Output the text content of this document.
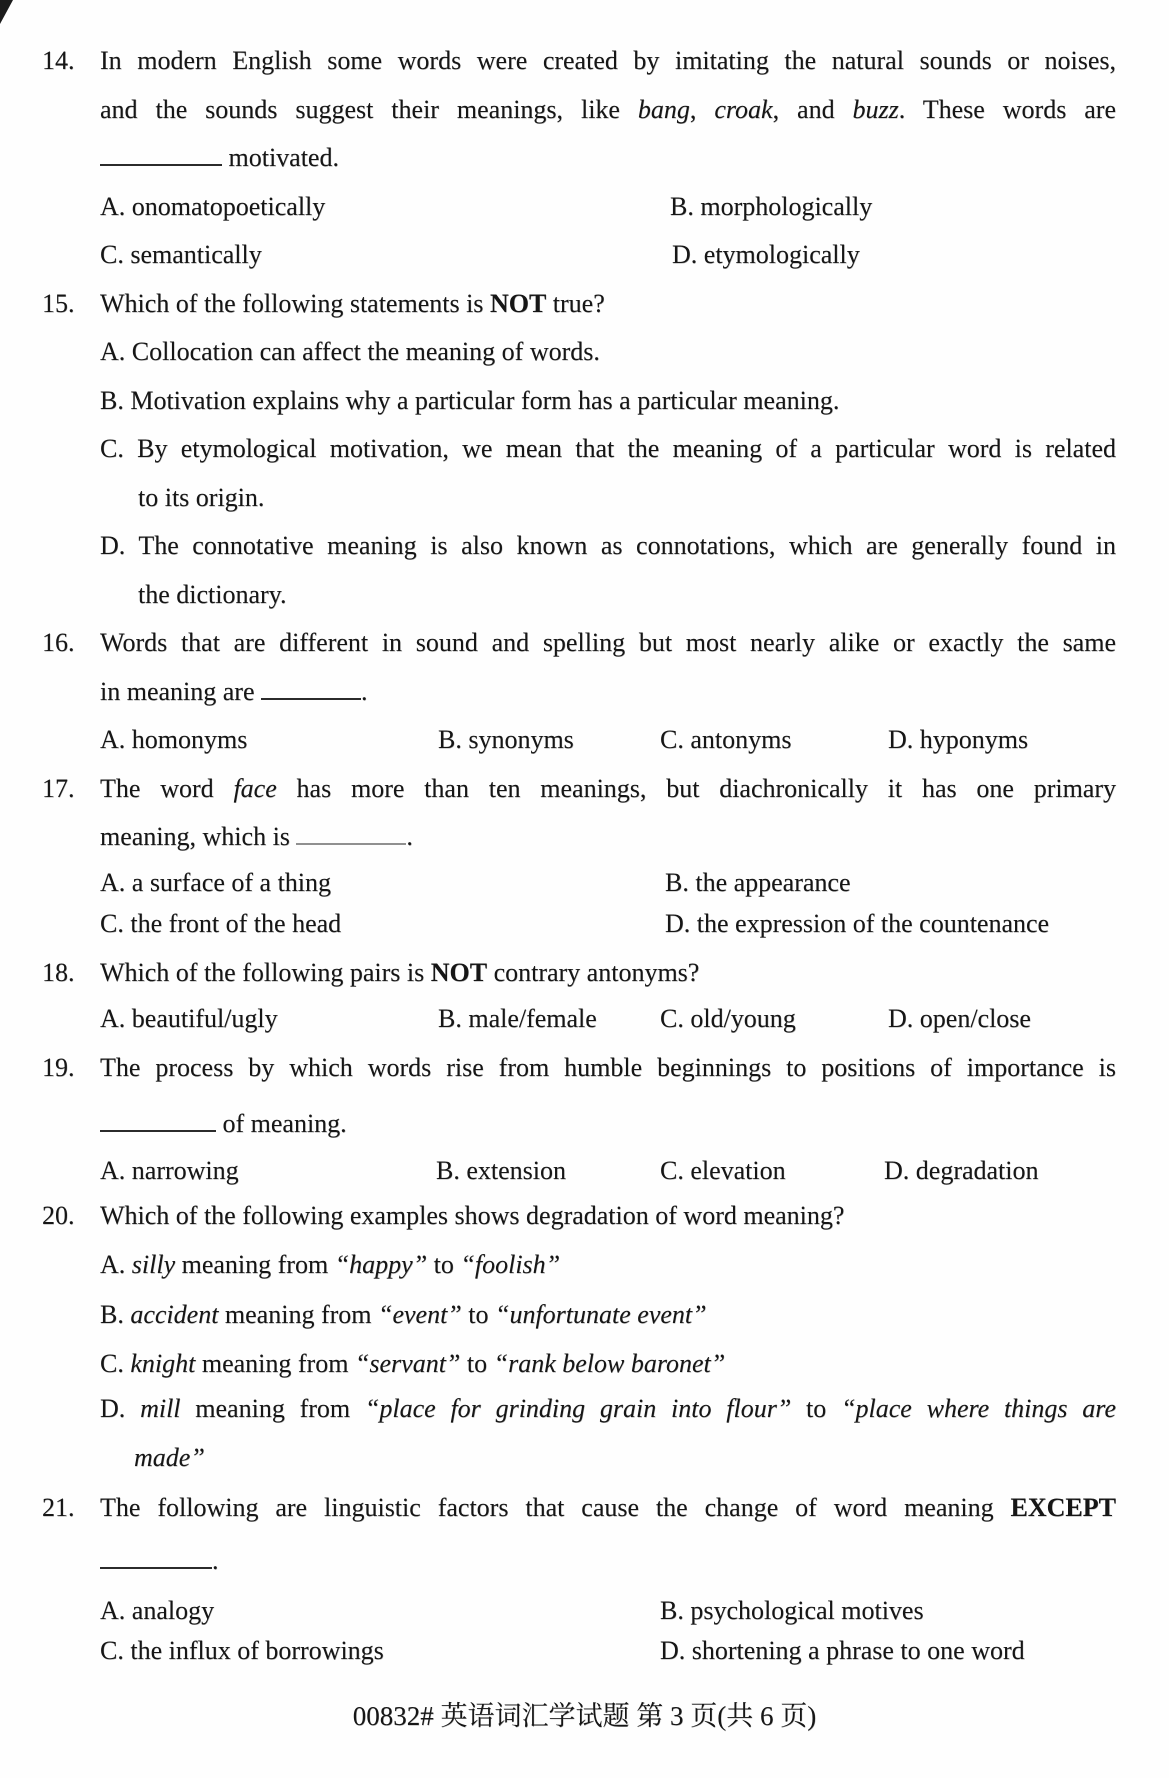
14. In modern English some words were created by imitating the natural sounds or noises,
and the sounds suggest their meanings, like bang, croak, and buzz. These words are
motivated.
A. onomatopoetically	B. morphologically
C. semantically	D. etymologically
15. Which of the following statements is NOT true?
A. Collocation can affect the meaning of words.
B. Motivation explains why a particular form has a particular meaning.
C. By etymological motivation, we mean that the meaning of a particular word is related
to its origin.
D. The connotative meaning is also known as connotations, which are generally found in
the dictionary.
16. Words that are different in sound and spelling but most nearly alike or exactly the same
in meaning are	.
A. homonyms	B. synonyms	C. antonyms	D. hyponyms
17. The word face has more than ten meanings, but diachronically it has one primary
meaning, which is	.
A. a surface of a thing	B. the appearance
C. the front of the head	D. the expression of the countenance
18. Which of the following pairs is NOT contrary antonyms?
A. beautiful/ugly	B. male/female C. old/young	D. open/close
19. The process by which words rise from humble beginnings to positions of importance is
of meaning.
A. narrowing	B. extension	C. elevation	D. degradation
20. Which of the following examples shows degradation of word meaning?
A. silly meaning from “happy” to “foolish”
B. accident meaning from “event” to “unfortunate event”
C. knight meaning from “servant” to “rank below baronet”
D. mill meaning from “place for grinding grain into flour” to “place where things are
made”
21. The following are linguistic factors that cause the change of word meaning EXCEPT
.
A. analogy	B. psychological motives
C. the influx of borrowings	D. shortening a phrase to one word
00832# 英语词汇学试题 第 3 页(共 6 页)
